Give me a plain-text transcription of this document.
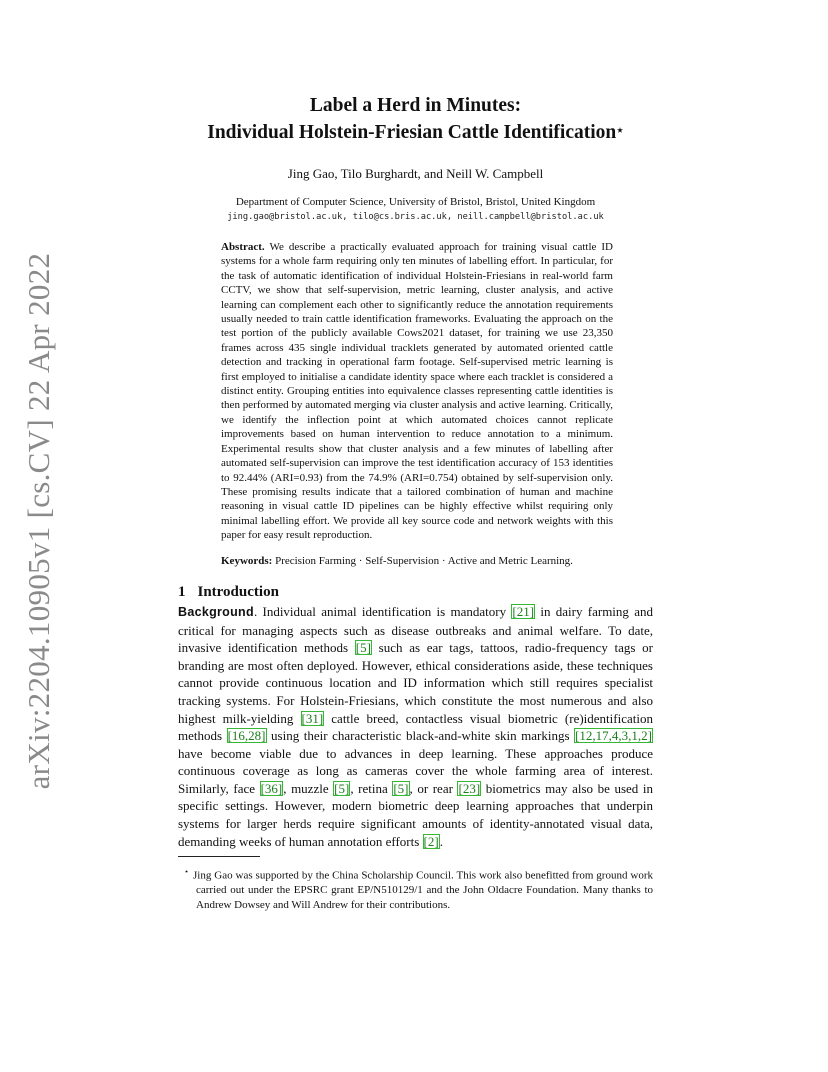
arXiv:2204.10905v1 [cs.CV] 22 Apr 2022
Label a Herd in Minutes:
Individual Holstein-Friesian Cattle Identification⋆
Jing Gao, Tilo Burghardt, and Neill W. Campbell
Department of Computer Science, University of Bristol, Bristol, United Kingdom
jing.gao@bristol.ac.uk, tilo@cs.bris.ac.uk, neill.campbell@bristol.ac.uk
Abstract. We describe a practically evaluated approach for training visual cattle ID systems for a whole farm requiring only ten minutes of labelling effort. In particular, for the task of automatic identification of individual Holstein-Friesians in real-world farm CCTV, we show that self-supervision, metric learning, cluster analysis, and active learning can complement each other to significantly reduce the annotation requirements usually needed to train cattle identification frameworks. Evaluating the approach on the test portion of the publicly available Cows2021 dataset, for training we use 23,350 frames across 435 single individual tracklets generated by automated oriented cattle detection and tracking in operational farm footage. Self-supervised metric learning is first employed to initialise a candidate identity space where each tracklet is considered a distinct entity. Grouping entities into equivalence classes representing cattle identities is then performed by automated merging via cluster analysis and active learning. Critically, we identify the inflection point at which automated choices cannot replicate improvements based on human intervention to reduce annotation to a minimum. Experimental results show that cluster analysis and a few minutes of labelling after automated self-supervision can improve the test identification accuracy of 153 identities to 92.44% (ARI=0.93) from the 74.9% (ARI=0.754) obtained by self-supervision only. These promising results indicate that a tailored combination of human and machine reasoning in visual cattle ID pipelines can be highly effective whilst requiring only minimal labelling effort. We provide all key source code and network weights with this paper for easy result reproduction.
Keywords: Precision Farming · Self-Supervision · Active and Metric Learning.
1 Introduction
Background. Individual animal identification is mandatory [21] in dairy farming and critical for managing aspects such as disease outbreaks and animal welfare. To date, invasive identification methods [5] such as ear tags, tattoos, radio-frequency tags or branding are most often deployed. However, ethical considerations aside, these techniques cannot provide continuous location and ID information which still requires specialist tracking systems. For Holstein-Friesians, which constitute the most numerous and also highest milk-yielding [31] cattle breed, contactless visual biometric (re)identification methods [16,28] using their characteristic black-and-white skin markings [12,17,4,3,1,2] have become viable due to advances in deep learning. These approaches produce continuous coverage as long as cameras cover the whole farming area of interest. Similarly, face [36], muzzle [5], retina [5], or rear [23] biometrics may also be used in specific settings. However, modern biometric deep learning approaches that underpin systems for larger herds require significant amounts of identity-annotated visual data, demanding weeks of human annotation efforts [2].
⋆ Jing Gao was supported by the China Scholarship Council. This work also benefitted from ground work carried out under the EPSRC grant EP/N510129/1 and the John Oldacre Foundation. Many thanks to Andrew Dowsey and Will Andrew for their contributions.
